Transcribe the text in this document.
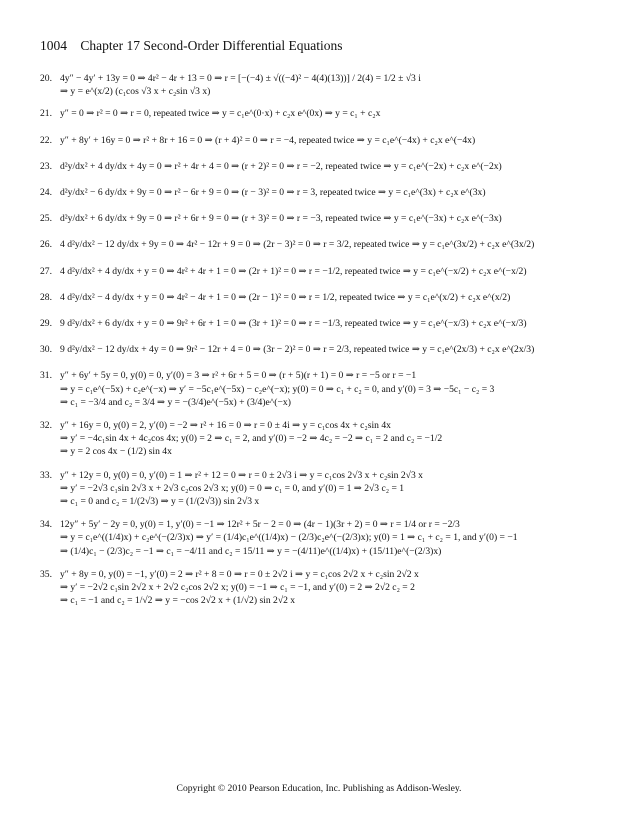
1004 Chapter 17 Second-Order Differential Equations
20. 4y″ − 4y′ + 13y = 0 ⇒ 4r² − 4r + 13 = 0 ⇒ r = [−(−4) ± √((−4)² − 4(4)(13))] / 2(4) = 1/2 ± √3 i
⇒ y = e^(x/2) (c₁cos √3 x + c₂sin √3 x)
21. y″ = 0 ⇒ r² = 0 ⇒ r = 0, repeated twice ⇒ y = c₁e^(0·x) + c₂x e^(0x) ⇒ y = c₁ + c₂x
22. y″ + 8y′ + 16y = 0 ⇒ r² + 8r + 16 = 0 ⇒ (r + 4)² = 0 ⇒ r = −4, repeated twice ⇒ y = c₁e^(−4x) + c₂x e^(−4x)
23. d²y/dx² + 4 dy/dx + 4y = 0 ⇒ r² + 4r + 4 = 0 ⇒ (r + 2)² = 0 ⇒ r = −2, repeated twice ⇒ y = c₁e^(−2x) + c₂x e^(−2x)
24. d²y/dx² − 6 dy/dx + 9y = 0 ⇒ r² − 6r + 9 = 0 ⇒ (r − 3)² = 0 ⇒ r = 3, repeated twice ⇒ y = c₁e^(3x) + c₂x e^(3x)
25. d²y/dx² + 6 dy/dx + 9y = 0 ⇒ r² + 6r + 9 = 0 ⇒ (r + 3)² = 0 ⇒ r = −3, repeated twice ⇒ y = c₁e^(−3x) + c₂x e^(−3x)
26. 4 d²y/dx² − 12 dy/dx + 9y = 0 ⇒ 4r² − 12r + 9 = 0 ⇒ (2r − 3)² = 0 ⇒ r = 3/2, repeated twice ⇒ y = c₁e^(3x/2) + c₂x e^(3x/2)
27. 4 d²y/dx² + 4 dy/dx + y = 0 ⇒ 4r² + 4r + 1 = 0 ⇒ (2r + 1)² = 0 ⇒ r = −1/2, repeated twice ⇒ y = c₁e^(−x/2) + c₂x e^(−x/2)
28. 4 d²y/dx² − 4 dy/dx + y = 0 ⇒ 4r² − 4r + 1 = 0 ⇒ (2r − 1)² = 0 ⇒ r = 1/2, repeated twice ⇒ y = c₁e^(x/2) + c₂x e^(x/2)
29. 9 d²y/dx² + 6 dy/dx + y = 0 ⇒ 9r² + 6r + 1 = 0 ⇒ (3r + 1)² = 0 ⇒ r = −1/3, repeated twice ⇒ y = c₁e^(−x/3) + c₂x e^(−x/3)
30. 9 d²y/dx² − 12 dy/dx + 4y = 0 ⇒ 9r² − 12r + 4 = 0 ⇒ (3r − 2)² = 0 ⇒ r = 2/3, repeated twice ⇒ y = c₁e^(2x/3) + c₂x e^(2x/3)
31. y″ + 6y′ + 5y = 0, y(0) = 0, y′(0) = 3 ⇒ r² + 6r + 5 = 0 ⇒ (r + 5)(r + 1) = 0 ⇒ r = −5 or r = −1
⇒ y = c₁e^(−5x) + c₂e^(−x) ⇒ y′ = −5c₁e^(−5x) − c₂e^(−x); y(0) = 0 ⇒ c₁ + c₂ = 0, and y′(0) = 3 ⇒ −5c₁ − c₂ = 3
⇒ c₁ = −3/4 and c₂ = 3/4 ⇒ y = −(3/4)e^(−5x) + (3/4)e^(−x)
32. y″ + 16y = 0, y(0) = 2, y′(0) = −2 ⇒ r² + 16 = 0 ⇒ r = 0 ± 4i ⇒ y = c₁cos 4x + c₂sin 4x
⇒ y′ = −4c₁sin 4x + 4c₂cos 4x; y(0) = 2 ⇒ c₁ = 2, and y′(0) = −2 ⇒ 4c₂ = −2 ⇒ c₁ = 2 and c₂ = −1/2
⇒ y = 2 cos 4x − (1/2) sin 4x
33. y″ + 12y = 0, y(0) = 0, y′(0) = 1 ⇒ r² + 12 = 0 ⇒ r = 0 ± 2√3 i ⇒ y = c₁cos 2√3 x + c₂sin 2√3 x
⇒ y′ = −2√3 c₁sin 2√3 x + 2√3 c₂cos 2√3 x; y(0) = 0 ⇒ c₁ = 0, and y′(0) = 1 ⇒ 2√3 c₂ = 1
⇒ c₁ = 0 and c₂ = 1/(2√3) ⇒ y = (1/(2√3)) sin 2√3 x
34. 12y″ + 5y′ − 2y = 0, y(0) = 1, y′(0) = −1 ⇒ 12r² + 5r − 2 = 0 ⇒ (4r − 1)(3r + 2) = 0 ⇒ r = 1/4 or r = −2/3
⇒ y = c₁e^((1/4)x) + c₂e^(−(2/3)x) ⇒ y′ = (1/4)c₁e^((1/4)x) − (2/3)c₂e^(−(2/3)x); y(0) = 1 ⇒ c₁ + c₂ = 1, and y′(0) = −1
⇒ (1/4)c₁ − (2/3)c₂ = −1 ⇒ c₁ = −4/11 and c₂ = 15/11 ⇒ y = −(4/11)e^((1/4)x) + (15/11)e^(−(2/3)x)
35. y″ + 8y = 0, y(0) = −1, y′(0) = 2 ⇒ r² + 8 = 0 ⇒ r = 0 ± 2√2 i ⇒ y = c₁cos 2√2 x + c₂sin 2√2 x
⇒ y′ = −2√2 c₁sin 2√2 x + 2√2 c₂cos 2√2 x; y(0) = −1 ⇒ c₁ = −1, and y′(0) = 2 ⇒ 2√2 c₂ = 2
⇒ c₁ = −1 and c₂ = 1/√2 ⇒ y = −cos 2√2 x + (1/√2) sin 2√2 x
Copyright © 2010 Pearson Education, Inc. Publishing as Addison-Wesley.
